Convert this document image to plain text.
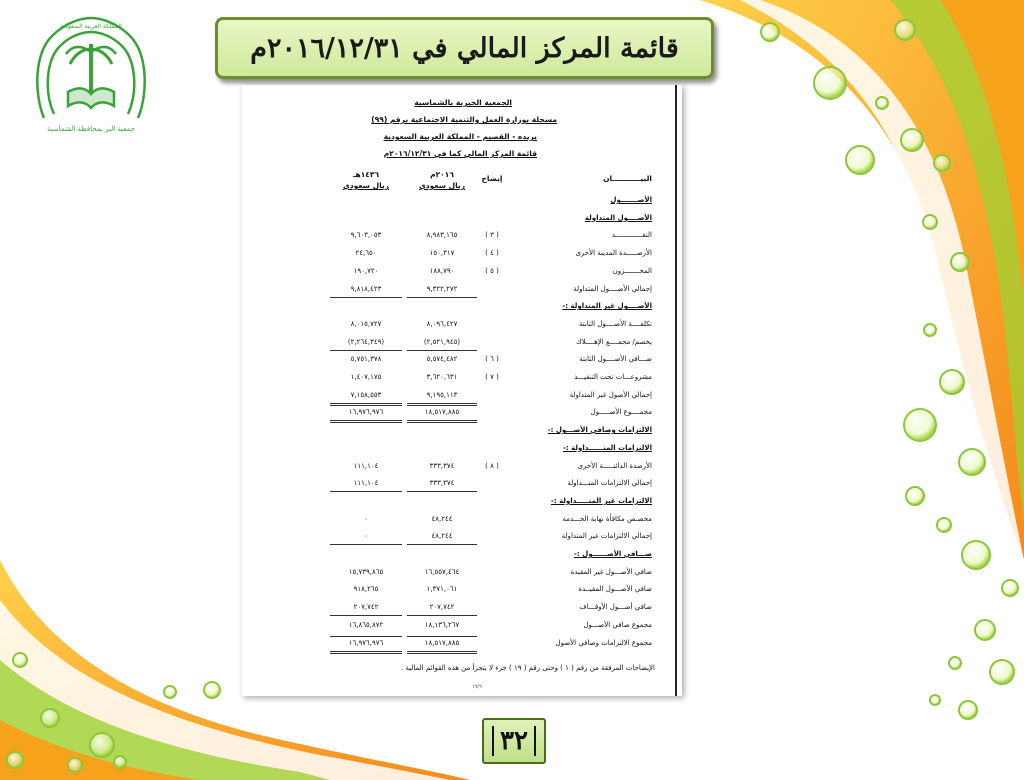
جمعية البر بمحافظة الشماسية
المملكة العربية السعودية
قائمة المركز المالي في ٢٠١٦/١٢/٣١م
الجمعية الخيرية بالشماسية
مسجلة بوزارة العمل والتنمية الاجتماعية برقم (٩٩)
بريده - القصيم - المملكة العربية السعودية
قائمة المركز المالي كما في ٢٠١٦/١٢/٣١م
البيـــــــــــان
إيضاح
٢٠١٦م
ريال سعودي
١٤٣٦هـ
ريال سعودي
الأصـــــــول
الأصــــول المتداولة
النقـــــــــــــد
( ٣ )
٨,٩٨٣,١٦٥
٩,٦٠٣,٠٥٣
الأرصـــــدة المدينة الأخرى
( ٤ )
١٥٠,٣١٧
٢٤,٦٥٠
المخـــــــزون
( ٥ )
١٨٨,٧٩٠
١٩٠,٧٢٠
إجمالي الأصــــول المتداولة
٩,٣٢٢,٢٧٢
٩,٨١٨,٤٢٣
الأصــــول غير المتداولة :-
تكلفــــة الأصــــول الثابتة
٨,٠٩٦,٤٢٧
٨,٠١٥,٧٢٧
يخصم/ مجمــــع الإهــــلاك
(٢,٥٢١,٩٤٥)
(٢,٢٦٤,٣٤٩)
صـــافي الأصــــول الثابتة
( ٦ )
٥,٥٧٤,٤٨٢
٥,٧٥١,٣٧٨
مشروعـــات تحت التنفيـــذ
( ٧ )
٣,٦٢٠,٦٣١
١,٤٠٧,١٧٥
إجمالي الأصول غير المتداولة
٩,١٩٥,١١٣
٧,١٥٨,٥٥٣
مجمــــوع الأصـــــول
١٨,٥١٧,٨٨٥
١٦,٩٧٦,٩٧٦
الالتزامات وصافي الأصـــول :-
الالتزامات المتــــــداولة :-
الأرصدة الدائنـــــة الأخرى
( ٨ )
٣٣٣,٣٧٤
١١١,١٠٤
إجمالي الالتزامات المتـــداولة
٣٣٣,٣٧٤
١١١,١٠٤
الالتزامات غير المتـــــداولة :-
مخصـص مكافأة نهاية الخـــدمة
٤٨,٢٤٤
٠
إجمالي الالتزامات غير المتداولة
٤٨,٢٤٤
٠
صـــافي الأصــــــول :-
صافي الأصـــول غير المقيدة
١٦,٥٥٧,٤٦٤
١٥,٧٣٩,٨٦٥
صافي الأصـــول المقيــدة
١,٣٧١,٠٦١
٩١٨,٢٦٥
صافي أصـــول الأوقـــاف
٢٠٧,٧٤٢
٢٠٧,٧٤٢
مجموع صافي الأصـــول
١٨,١٣٦,٢٦٧
١٦,٨٦٥,٨٧٢
مجموع الالتزامات وصافي الأصول
١٨,٥١٧,٨٨٥
١٦,٩٧٦,٩٧٦
الإيضاحات المرفقة من رقم ( ١ ) وحتى رقم ( ١٩ ) جزء لا يتجزأ من هذه القوائم المالية .
١٦/٦
٣٢
